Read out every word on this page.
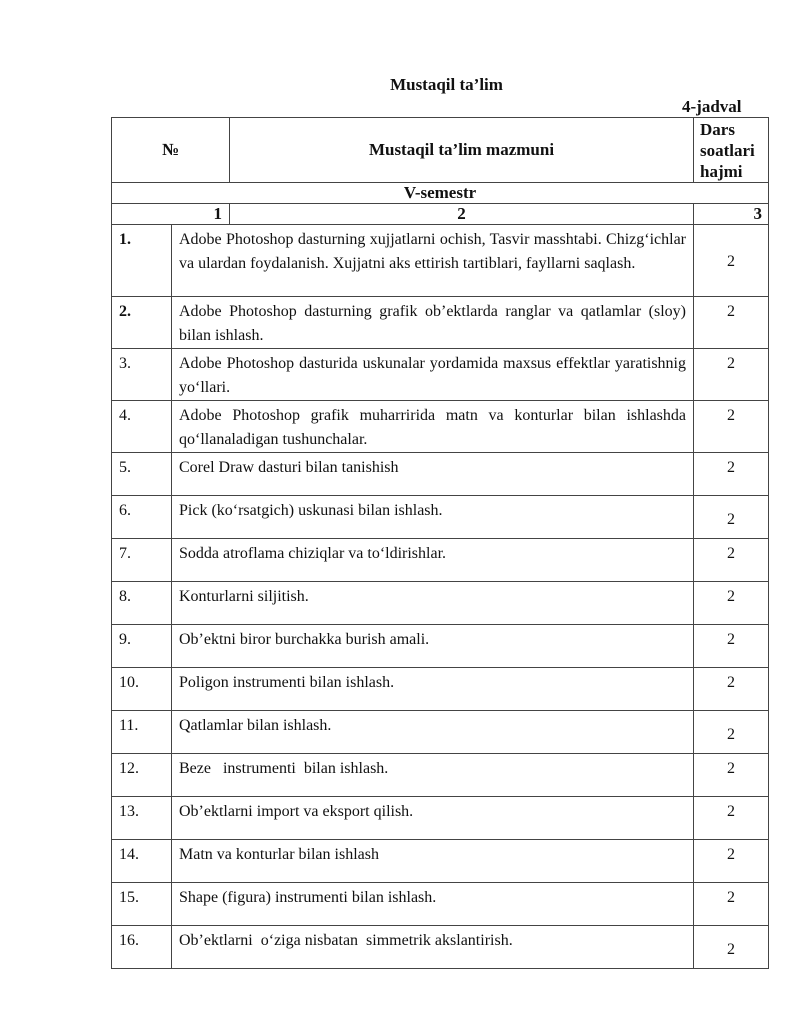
Mustaqil ta’lim
4-jadval
№		Mustaqil ta’lim mazmuni	Dars
soatlari
hajmi

V-semestr			
1		2	3
1.	Adobe Photoshop dasturning xujjatlarni ochish, Tasvir masshtabi. Chizg‘ichlar va ulardan foydalanish. Xujjatni aks ettirish tartiblari, fayllarni saqlash.		2
2.	Adobe Photoshop dasturning grafik ob’ektlarda ranglar va qatlamlar (sloy) bilan ishlash.		2
3.	Adobe Photoshop dasturida uskunalar yordamida maxsus effektlar yaratishnig yo‘llari.		2
4.	Adobe Photoshop grafik muharririda matn va konturlar bilan ishlashda qo‘llanaladigan tushunchalar.		2
5.	Corel Draw dasturi bilan tanishish		2
6.	Pick (ko‘rsatgich) uskunasi bilan ishlash.		2
7.	Sodda atroflama chiziqlar va to‘ldirishlar.		2
8.	Konturlarni siljitish.		2
9.	Ob’ektni biror burchakka burish amali.		2
10.	Poligon instrumenti bilan ishlash.		2
11.	Qatlamlar bilan ishlash.		2
12.	Beze   instrumenti  bilan ishlash.		2
13.	Ob’ektlarni import va eksport qilish.		2
14.	Matn va konturlar bilan ishlash		2
15.	Shape (figura) instrumenti bilan ishlash.		2
16.	Ob’ektlarni  o‘ziga nisbatan  simmetrik akslantirish.		2
